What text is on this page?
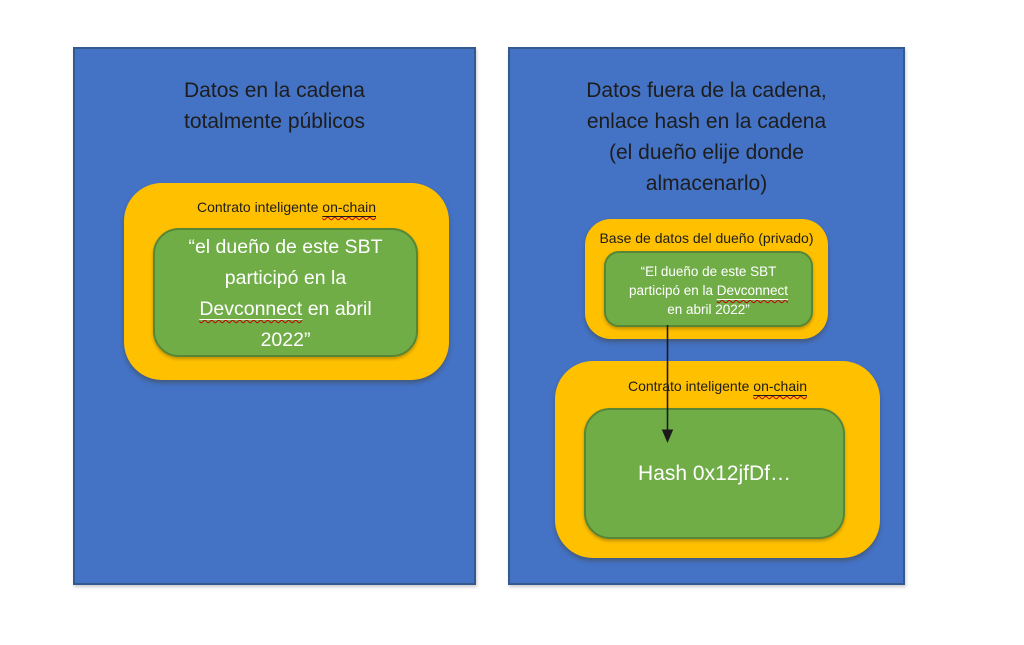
Datos en la cadena
totalmente públicos
Contrato inteligente on-chain
“el dueño de este SBT
participó en la
Devconnect en abril
2022”
Datos fuera de la cadena,
enlace hash en la cadena
(el dueño elije donde
almacenarlo)
Base de datos del dueño (privado)
“El dueño de este SBT
participó en la Devconnect
en abril 2022”
Contrato inteligente on-chain
Hash 0x12jfDf…
